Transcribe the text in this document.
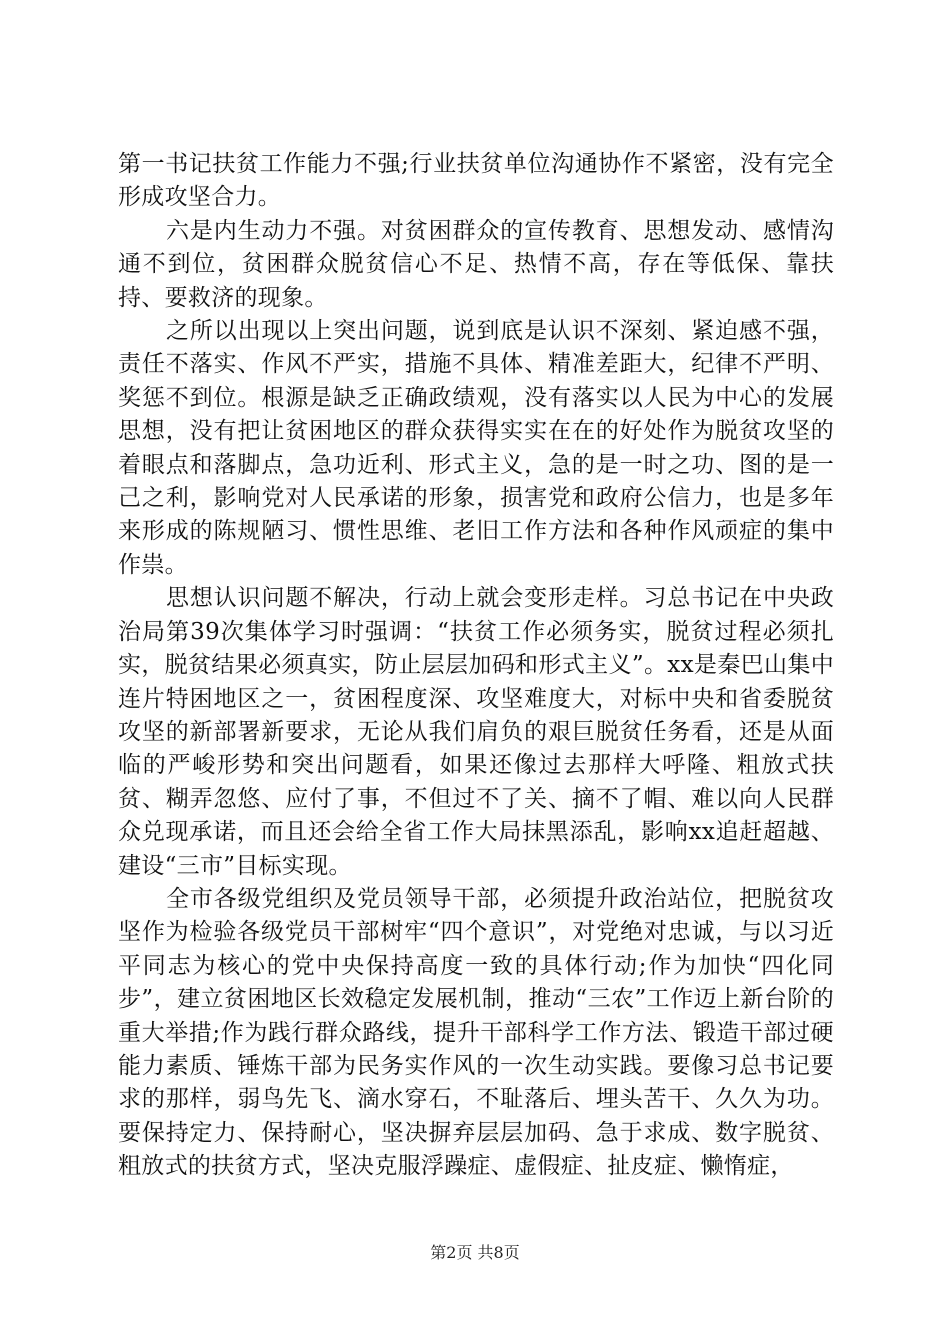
第一书记扶贫工作能力不强;行业扶贫单位沟通协作不紧密，没有完全形成攻坚合力。

六是内生动力不强。对贫困群众的宣传教育、思想发动、感情沟通不到位，贫困群众脱贫信心不足、热情不高，存在等低保、靠扶持、要救济的现象。

之所以出现以上突出问题，说到底是认识不深刻、紧迫感不强，责任不落实、作风不严实，措施不具体、精准差距大，纪律不严明、奖惩不到位。根源是缺乏正确政绩观，没有落实以人民为中心的发展思想，没有把让贫困地区的群众获得实实在在的好处作为脱贫攻坚的着眼点和落脚点，急功近利、形式主义，急的是一时之功、图的是一己之利，影响党对人民承诺的形象，损害党和政府公信力，也是多年来形成的陈规陋习、惯性思维、老旧工作方法和各种作风顽症的集中作祟。

思想认识问题不解决，行动上就会变形走样。习总书记在中央政治局第39次集体学习时强调：“扶贫工作必须务实，脱贫过程必须扎实，脱贫结果必须真实，防止层层加码和形式主义”。xx是秦巴山集中连片特困地区之一，贫困程度深、攻坚难度大，对标中央和省委脱贫攻坚的新部署新要求，无论从我们肩负的艰巨脱贫任务看，还是从面临的严峻形势和突出问题看，如果还像过去那样大呼隆、粗放式扶贫、糊弄忽悠、应付了事，不但过不了关、摘不了帽、难以向人民群众兑现承诺，而且还会给全省工作大局抹黑添乱，影响xx追赶超越、建设“三市”目标实现。

全市各级党组织及党员领导干部，必须提升政治站位，把脱贫攻坚作为检验各级党员干部树牢“四个意识”，对党绝对忠诚，与以习近平同志为核心的党中央保持高度一致的具体行动;作为加快“四化同步”，建立贫困地区长效稳定发展机制，推动“三农”工作迈上新台阶的重大举措;作为践行群众路线，提升干部科学工作方法、锻造干部过硬能力素质、锤炼干部为民务实作风的一次生动实践。要像习总书记要求的那样，弱鸟先飞、滴水穿石，不耻落后、埋头苦干、久久为功。要保持定力、保持耐心，坚决摒弃层层加码、急于求成、数字脱贫、粗放式的扶贫方式，坚决克服浮躁症、虚假症、扯皮症、懒惰症，

第2页 共8页
